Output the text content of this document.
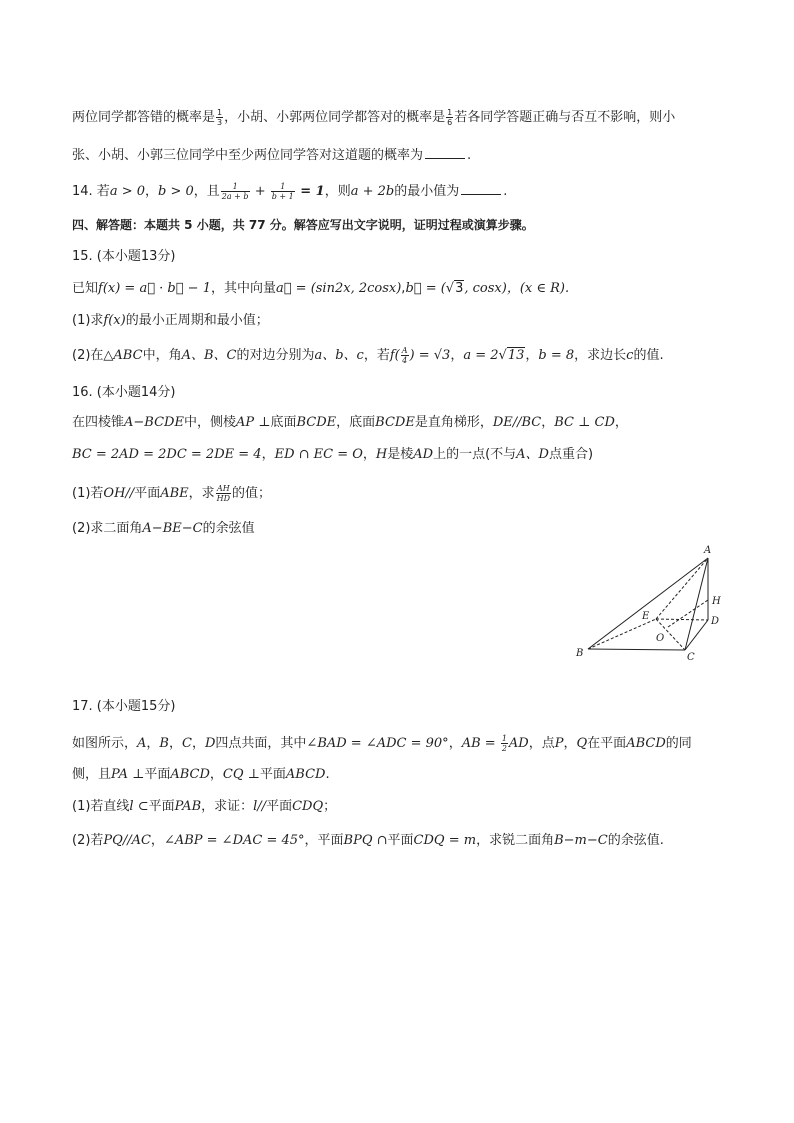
两位同学都答错的概率是 $\frac{1}{3}$ ，小胡、小郭两位同学都答对的概率是 $\frac{1}{6}$ 若各同学答题正确与否互不影响，则小
张、小胡、小郭三位同学中至少两位同学答对这道题的概率为	.
14. 若a > 0，b > 0，且 $\frac{1}{2a + b} + \frac{1}{b + 1} = 1$，则a + 2b的最小值为	.
四、解答题：本题共 5 小题，共 77 分。解答应写出文字说明，证明过程或演算步骤。
15. (本小题13分)
已知f(x) = a⃗ · b⃗ − 1，其中向量a⃗ = (sin2x, 2cosx),b⃗ = (√3, cosx)，(x ∈ R).
(1)求f(x)的最小正周期和最小值；
(2)在△ABC中，角A、B、C的对边分别为a、b、c，若$f( \frac{A}{4}$ ) = √3，a = 2√13，b = 8，求边长c的值.
16. (本小题14分)
在四棱锥A−BCDE中，侧棱AP ⊥底面BCDE，底面BCDE是直角梯形，DE//BC，BC ⊥ CD，
BC = 2AD = 2DC = 2DE = 4，ED ∩ EC = O，H是棱AD上的一点(不与A、D点重合)
(1)若OH//平面ABE，求 $\frac{AH}{HD}$ 的值；
(2)求二面角A−BE−C的余弦值
A
H
E	D
O
B	C
17. (本小题15分)
如图所示，A，B，C，D四点共面，其中∠BAD = ∠ADC = 90°，AB = $\frac{1}{2}$ AD，点P，Q在平面ABCD的同
侧，且PA ⊥平面ABCD，CQ ⊥平面ABCD.
(1)若直线l ⊂平面PAB，求证：l//平面CDQ；
(2)若PQ//AC，∠ABP = ∠DAC = 45°，平面BPQ ∩平面CDQ = m，求锐二面角B−m−C的余弦值.
